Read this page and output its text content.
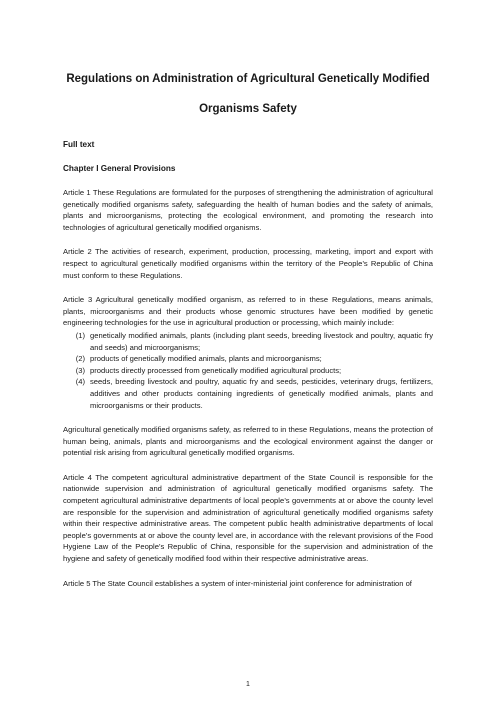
Regulations on Administration of Agricultural Genetically Modified
Organisms Safety
Full text
Chapter I General Provisions

Article 1 These Regulations are formulated for the purposes of strengthening the administration of agricultural genetically modified organisms safety, safeguarding the health of human bodies and the safety of animals, plants and microorganisms, protecting the ecological environment, and promoting the research into technologies of agricultural genetically modified organisms.

Article 2 The activities of research, experiment, production, processing, marketing, import and export with respect to agricultural genetically modified organisms within the territory of the People’s Republic of China must conform to these Regulations.

Article 3 Agricultural genetically modified organism, as referred to in these Regulations, means animals, plants, microorganisms and their products whose genomic structures have been modified by genetic engineering technologies for the use in agricultural production or processing, which mainly include:

(1) genetically modified animals, plants (including plant seeds, breeding livestock and poultry, aquatic fry and seeds) and microorganisms;
(2) products of genetically modified animals, plants and microorganisms;
(3) products directly processed from genetically modified agricultural products;
(4) seeds, breeding livestock and poultry, aquatic fry and seeds, pesticides, veterinary drugs, fertilizers, additives and other products containing ingredients of genetically modified animals, plants and microorganisms or their products.

Agricultural genetically modified organisms safety, as referred to in these Regulations, means the protection of human being, animals, plants and microorganisms and the ecological environment against the danger or potential risk arising from agricultural genetically modified organisms.

Article 4 The competent agricultural administrative department of the State Council is responsible for the nationwide supervision and administration of agricultural genetically modified organisms safety. The competent agricultural administrative departments of local people’s governments at or above the county level are responsible for the supervision and administration of agricultural genetically modified organisms safety within their respective administrative areas. The competent public health administrative departments of local people’s governments at or above the county level are, in accordance with the relevant provisions of the Food Hygiene Law of the People’s Republic of China, responsible for the supervision and administration of the hygiene and safety of genetically modified food within their respective administrative areas.

Article 5 The State Council establishes a system of inter-ministerial joint conference for administration of

1
